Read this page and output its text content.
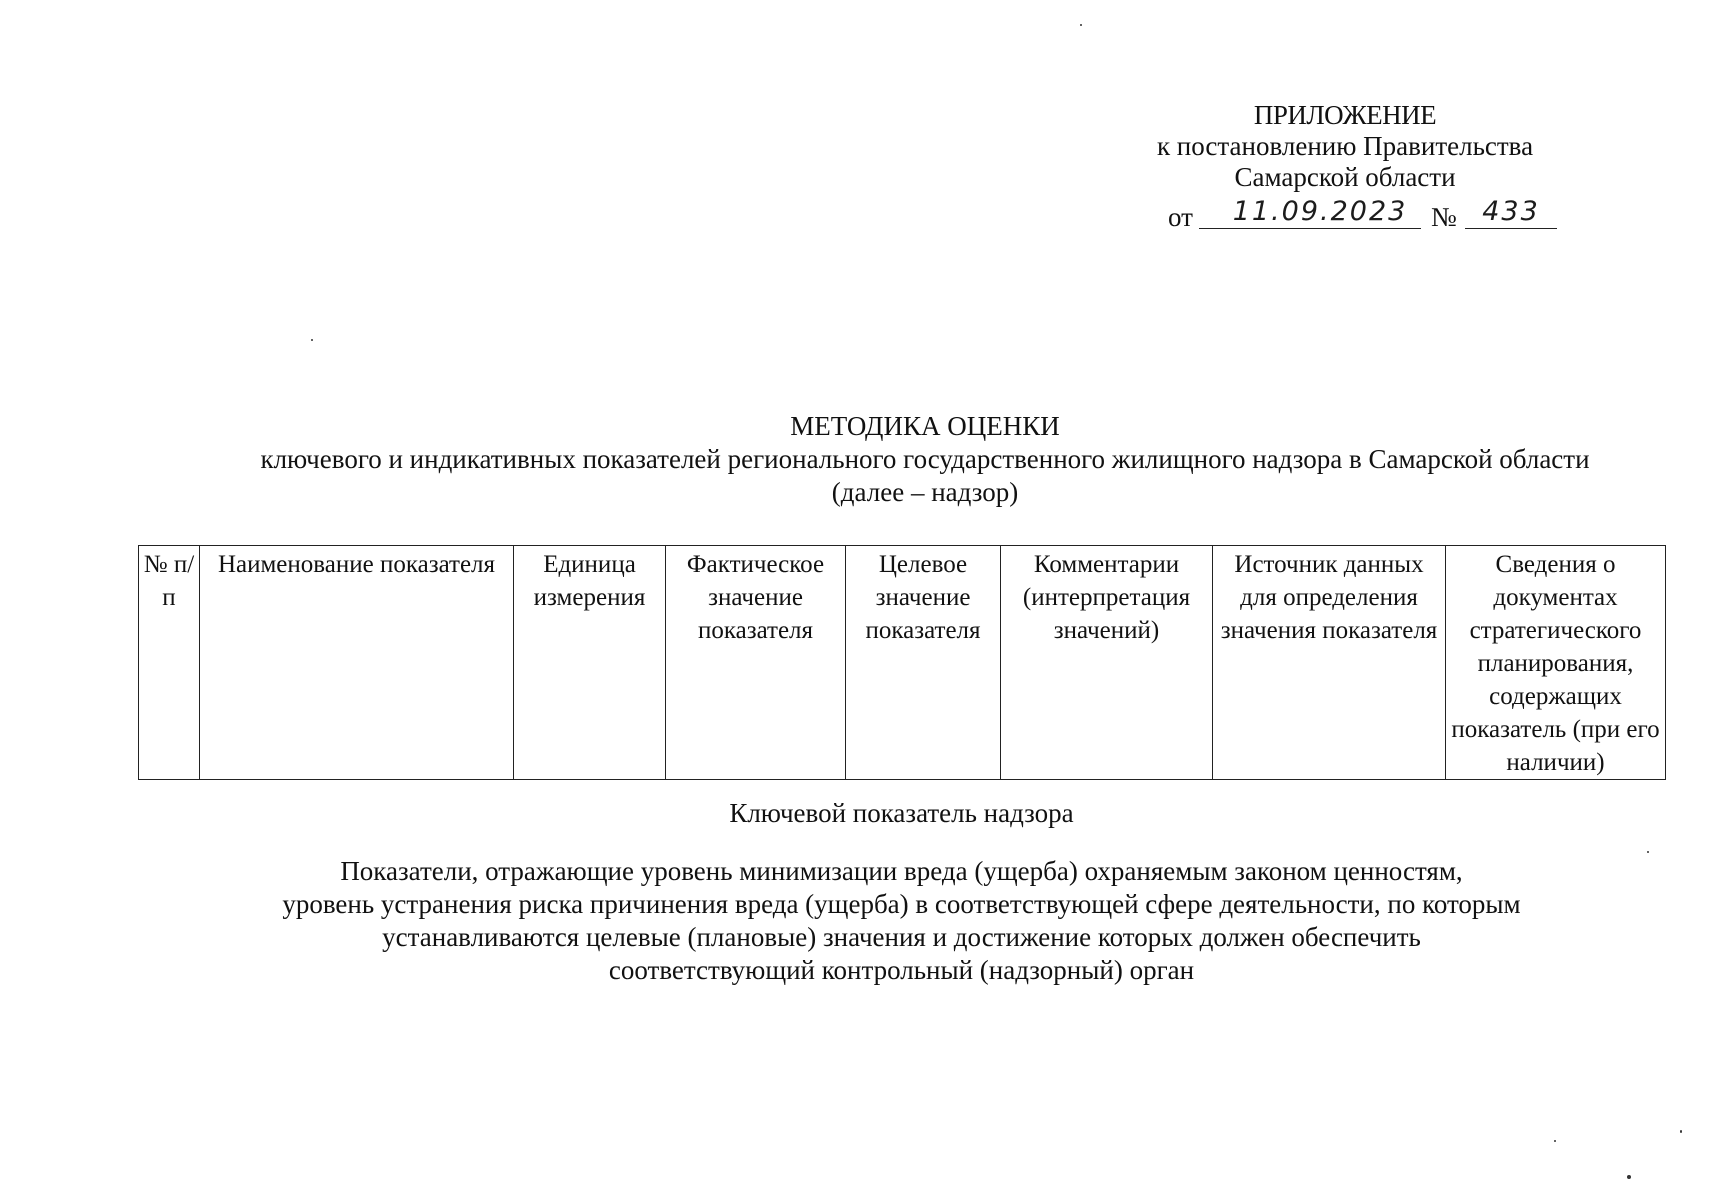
ПРИЛОЖЕНИЕ
к постановлению Правительства
Самарской области
от	11.09.2023 № 433
МЕТОДИКА ОЦЕНКИ
ключевого и индикативных показателей регионального государственного жилищного надзора в Самарской области
(далее – надзор)
№ п/п	Наименование показателя	Единица измерения	Фактическое значение показателя	Целевое значение показателя	Комментарии (интерпретация значений)	Источник данных для определения значения показателя	Сведения о документах стратегического планирования, содержащих показатель (при его наличии)
Ключевой показатель надзора
Показатели, отражающие уровень минимизации вреда (ущерба) охраняемым законом ценностям,
уровень устранения риска причинения вреда (ущерба) в соответствующей сфере деятельности, по которым
устанавливаются целевые (плановые) значения и достижение которых должен обеспечить
соответствующий контрольный (надзорный) орган
